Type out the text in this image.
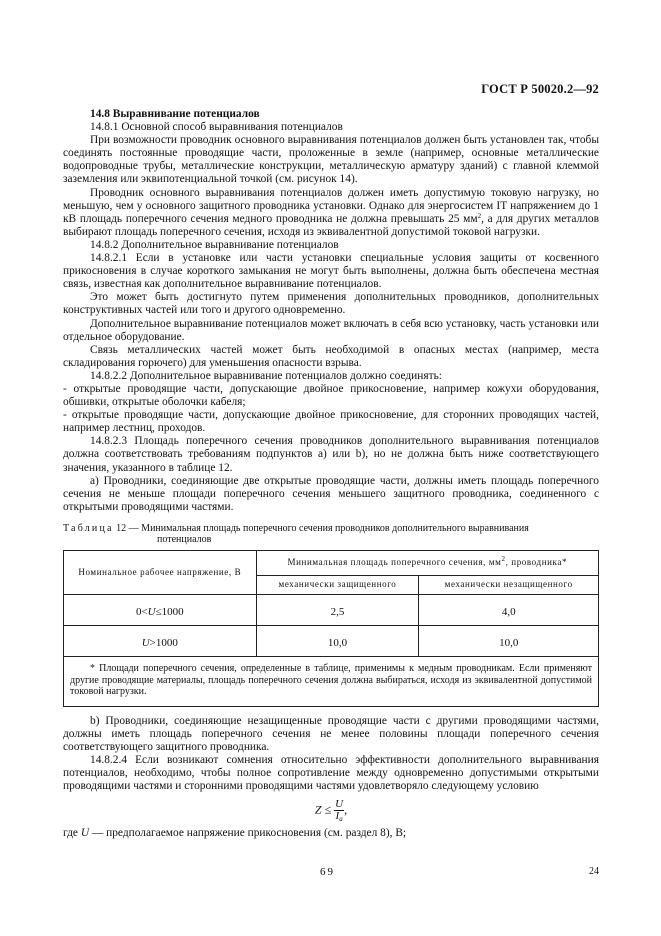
ГОСТ Р 50020.2—92

14.8 Выравнивание потенциалов

14.8.1 Основной способ выравнивания потенциалов

При возможности проводник основного выравнивания потенциалов должен быть установлен так, чтобы соединять постоянные проводящие части, проложенные в земле (например, основные металлические водопроводные трубы, металлические конструкции, металлическую арматуру зданий) с главной клеммой заземления или эквипотенциальной точкой (см. рисунок 14).

Проводник основного выравнивания потенциалов должен иметь допустимую токовую нагрузку, но меньшую, чем у основного защитного проводника установки. Однако для энергосистем IT напряжением до 1 кВ площадь поперечного сечения медного проводника не должна превышать 25 $мм^2$, а для других металлов выбирают площадь поперечного сечения, исходя из эквивалентной допустимой токовой нагрузки.

14.8.2 Дополнительное выравнивание потенциалов

14.8.2.1 Если в установке или части установки специальные условия защиты от косвенного прикосновения в случае короткого замыкания не могут быть выполнены, должна быть обеспечена местная связь, известная как дополнительное выравнивание потенциалов.

Это может быть достигнуто путем применения дополнительных проводников, дополнительных конструктивных частей или того и другого одновременно.

Дополнительное выравнивание потенциалов может включать в себя всю установку, часть установки или отдельное оборудование.

Связь металлических частей может быть необходимой в опасных местах (например, места складирования горючего) для уменьшения опасности взрыва.

14.8.2.2 Дополнительное выравнивание потенциалов должно соединять:

- открытые проводящие части, допускающие двойное прикосновение, например кожухи оборудования, обшивки, открытые оболочки кабеля;

- открытые проводящие части, допускающие двойное прикосновение, для сторонних проводящих частей, например лестниц, проходов.

14.8.2.3 Площадь поперечного сечения проводников дополнительного выравнивания потенциалов должна соответствовать требованиям подпунктов а) или b), но не должна быть ниже соответствующего значения, указанного в таблице 12.

а) Проводники, соединяющие две открытые проводящие части, должны иметь площадь поперечного сечения не меньше площади поперечного сечения меньшего защитного проводника, соединенного с открытыми проводящими частями.

Таблица 12 — Минимальная площадь поперечного сечения проводников дополнительного выравнивания
потенциалов
Номинальное рабочее напряжение, В	Минимальная площадь поперечного сечения, $мм^2$, проводника*	
	механически защищенного	механически незащищенного
0<U≤1000	2,5	4,0
U>1000	10,0	10,0

* Площади поперечного сечения, определенные в таблице, применимы к медным проводникам. Если применяют другие проводящие материалы, площадь поперечного сечения должна выбираться, исходя из эквивалентной допустимой токовой нагрузки.		

b) Проводники, соединяющие незащищенные проводящие части с другими проводящими частями, должны иметь площадь поперечного сечения не менее половины площади поперечного сечения соответствующего защитного проводника.

14.8.2.4 Если возникают сомнения относительно эффективности дополнительного выравнивания потенциалов, необходимо, чтобы полное сопротивление между одновременно допустимыми открытыми проводящими частями и сторонними проводящими частями удовлетворяло следующему условию

$Z \le \frac{U}{I_a}$ ,

где U — предполагаемое напряжение прикосновения (см. раздел 8), В;

69	24
